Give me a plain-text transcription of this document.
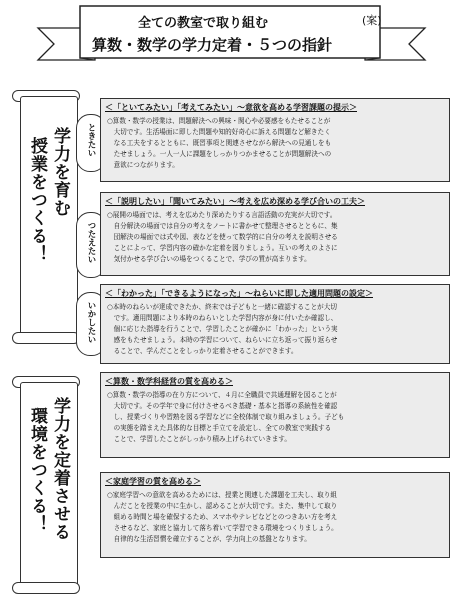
全ての教室で取り組む	(案)
算数・数学の学力定着・５つの指針
学力を育む
授業をつくる！	ときたい
つたえたい
いかしたい
＜「といてみたい」「考えてみたい」～意欲を高める学習課題の提示＞
○算数・数学の授業は、問題解決への興味・関心や必要感をもたせることが
　大切です。生活場面に即した問題や知的好奇心に訴える問題など解きたく
　なる工夫をするとともに、既習事項と関連させながら解決への見通しをも
　たせましょう。一人一人に課題をしっかりつかませることが問題解決への
　意欲につながります。
＜「説明したい」「聞いてみたい」～考えを広め深める学び合いの工夫＞
○展開の場面では、考えを広めたり深めたりする言語活動の充実が大切です。
　自分解決の場面では自分の考えをノートに書かせて整理させるとともに、集
　団解決の場面では式や図、表などを使って数学的に自分の考えを説明させる
　ことによって、学習内容の確かな定着を図りましょう。互いの考えのよさに
　気付かせる学び合いの場をつくることで、学びの質が高まります。
＜「わかった」「できるようになった」～ねらいに即した適用問題の設定＞
○本時のねらいが達成できたか、終末では子どもと一緒に確認することが大切
　です。適用問題により本時のねらいとした学習内容が身に付いたか確認し、
　個に応じた指導を行うことで、学習したことが確かに「わかった」という実
　感をもたせましょう。本時の学習について、ねらいに立ち返って振り返らせ
　ることで、学んだことをしっかり定着させることができます。
学力を定着させる
環境をつくる！
＜算数・数学科経営の質を高める＞
○算数・数学の指導の在り方について、４月に全職員で共通理解を図ることが
　大切です。その学年で身に付けさせるべき基礎・基本と指導の系統性を確認
　し、授業づくりや習熟を図る学習などに全校体制で取り組みましょう。子ども
　の実態を踏まえた具体的な目標と手立てを設定し、全ての教室で実践する
　ことで、学習したことがしっかり積み上げられていきます。
＜家庭学習の質を高める＞
○家庭学習への意欲を高めるためには、授業と関連した課題を工夫し、取り組
　んだことを授業の中に生かし、認めることが大切です。また、集中して取り
　組める時間と場を確保するため、スマホやテレビなどとのつきあい方を考え
　させるなど、家庭と協力して落ち着いて学習できる環境をつくりましょう。
　自律的な生活習慣を確立することが、学力向上の基盤となります。
